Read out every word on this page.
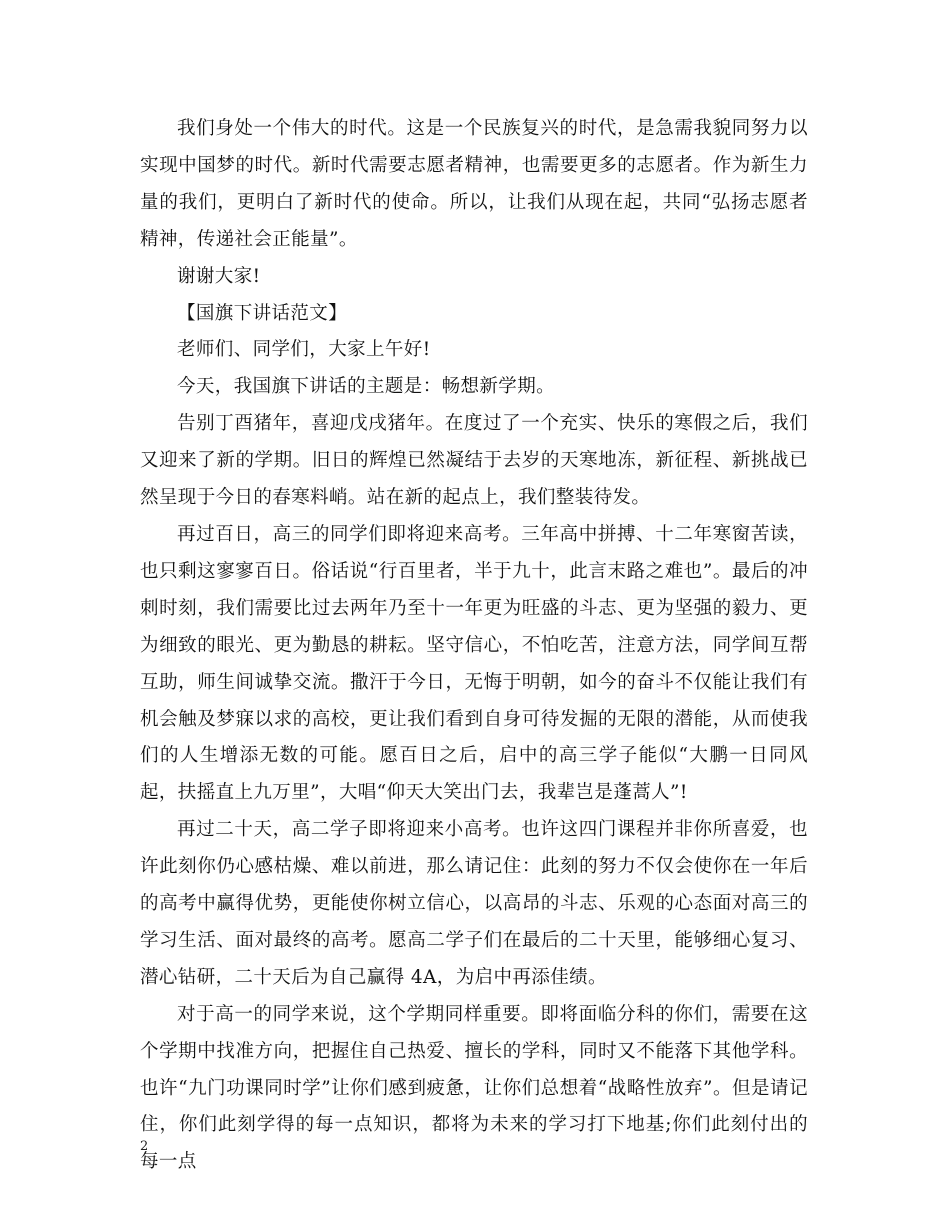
我们身处一个伟大的时代。这是一个民族复兴的时代，是急需我貌同努力以实现中国梦的时代。新时代需要志愿者精神，也需要更多的志愿者。作为新生力量的我们，更明白了新时代的使命。所以，让我们从现在起，共同“弘扬志愿者精神，传递社会正能量”。

谢谢大家!

【国旗下讲话范文】

老师们、同学们，大家上午好!

今天，我国旗下讲话的主题是：畅想新学期。

告别丁酉猪年，喜迎戊戌猪年。在度过了一个充实、快乐的寒假之后，我们又迎来了新的学期。旧日的辉煌已然凝结于去岁的天寒地冻，新征程、新挑战已然呈现于今日的春寒料峭。站在新的起点上，我们整装待发。

再过百日，高三的同学们即将迎来高考。三年高中拼搏、十二年寒窗苦读，也只剩这寥寥百日。俗话说“行百里者，半于九十，此言末路之难也”。最后的冲刺时刻，我们需要比过去两年乃至十一年更为旺盛的斗志、更为坚强的毅力、更为细致的眼光、更为勤恳的耕耘。坚守信心，不怕吃苦，注意方法，同学间互帮互助，师生间诚挚交流。撒汗于今日，无悔于明朝，如今的奋斗不仅能让我们有机会触及梦寐以求的高校，更让我们看到自身可待发掘的无限的潜能，从而使我们的人生增添无数的可能。愿百日之后，启中的高三学子能似“大鹏一日同风起，扶摇直上九万里”，大唱“仰天大笑出门去，我辈岂是蓬蒿人”!

再过二十天，高二学子即将迎来小高考。也许这四门课程并非你所喜爱，也许此刻你仍心感枯燥、难以前进，那么请记住：此刻的努力不仅会使你在一年后的高考中赢得优势，更能使你树立信心，以高昂的斗志、乐观的心态面对高三的学习生活、面对最终的高考。愿高二学子们在最后的二十天里，能够细心复习、潜心钻研，二十天后为自己赢得 4A，为启中再添佳绩。

对于高一的同学来说，这个学期同样重要。即将面临分科的你们，需要在这个学期中找准方向，把握住自己热爱、擅长的学科，同时又不能落下其他学科。也许“九门功课同时学”让你们感到疲惫，让你们总想着“战略性放弃”。但是请记住，你们此刻学得的每一点知识，都将为未来的学习打下地基;你们此刻付出的每一点

2
